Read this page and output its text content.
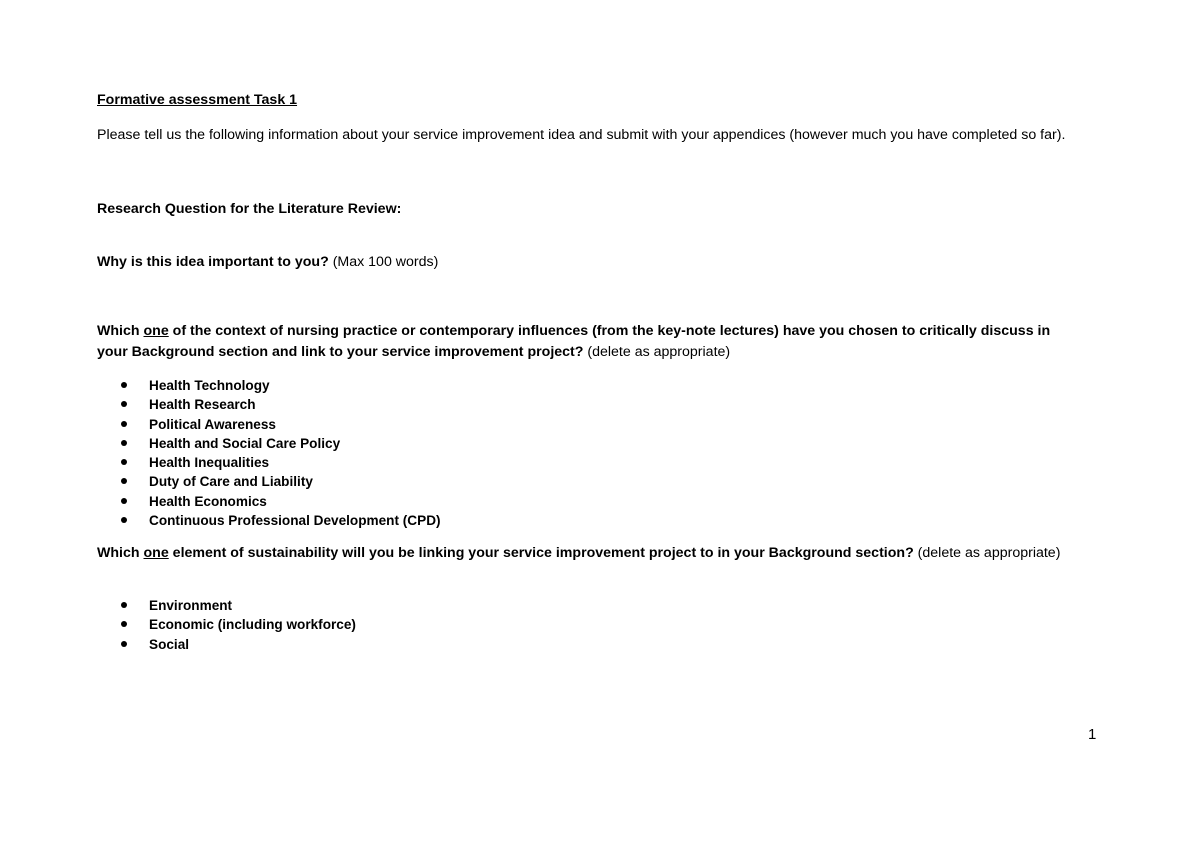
Formative assessment Task 1
Please tell us the following information about your service improvement idea and submit with your appendices (however much you have completed so far).
Research Question for the Literature Review:
Why is this idea important to you? (Max 100 words)
Which one of the context of nursing practice or contemporary influences (from the key-note lectures) have you chosen to critically discuss in your Background section and link to your service improvement project? (delete as appropriate)
Health Technology
Health Research
Political Awareness
Health and Social Care Policy
Health Inequalities
Duty of Care and Liability
Health Economics
Continuous Professional Development (CPD)
Which one element of sustainability will you be linking your service improvement project to in your Background section? (delete as appropriate)
Environment
Economic (including workforce)
Social
1
